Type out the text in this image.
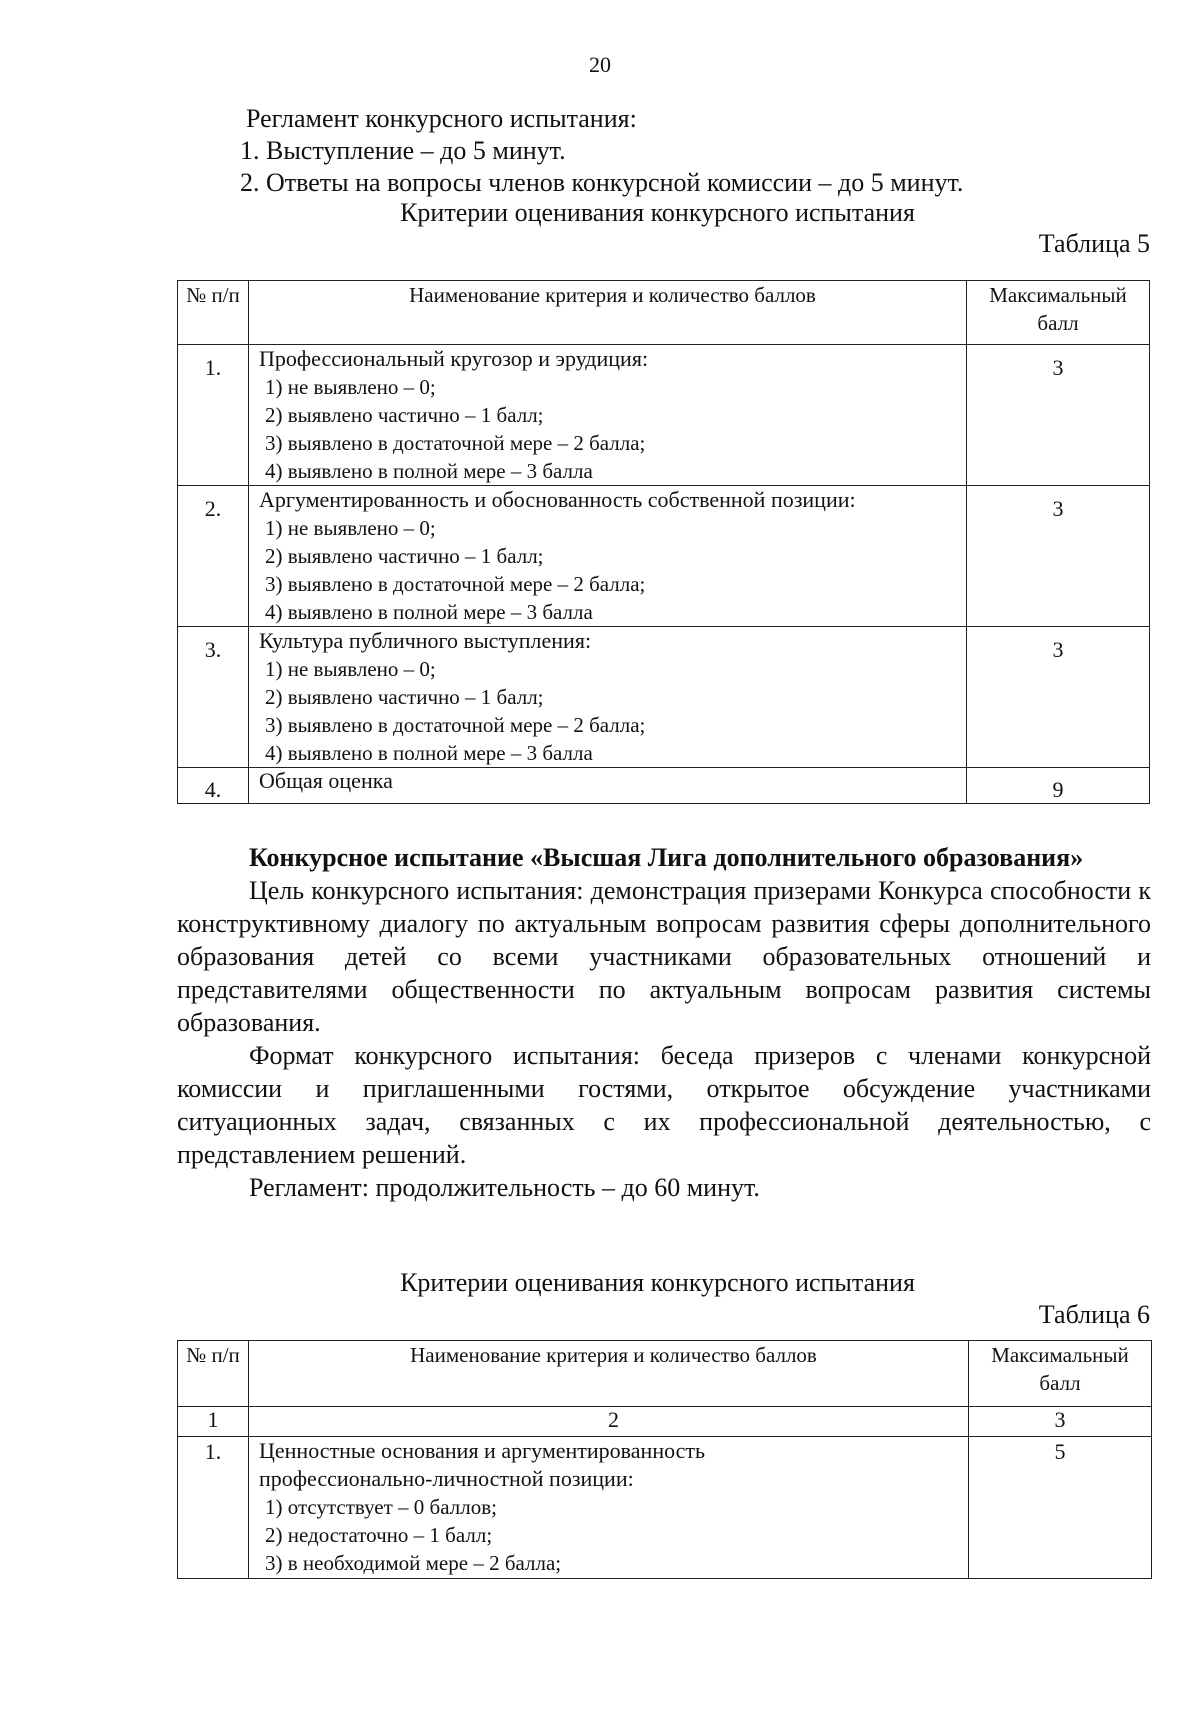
20
Регламент конкурсного испытания:
1. Выступление – до 5 минут.
2. Ответы на вопросы членов конкурсной комиссии – до 5 минут.
Критерии оценивания конкурсного испытания
Таблица 5
№ п/п	Наименование критерия и количество баллов	Максимальный балл
1.	Профессиональный кругозор и эрудиция:
1) не выявлено – 0;
2) выявлено частично – 1 балл;
3) выявлено в достаточной мере – 2 балла;
4) выявлено в полной мере – 3 балла	3
2.	Аргументированность и обоснованность собственной позиции:
1) не выявлено – 0;
2) выявлено частично – 1 балл;
3) выявлено в достаточной мере – 2 балла;
4) выявлено в полной мере – 3 балла	3
3.	Культура публичного выступления:
1) не выявлено – 0;
2) выявлено частично – 1 балл;
3) выявлено в достаточной мере – 2 балла;
4) выявлено в полной мере – 3 балла	3
4.	Общая оценка	9

Конкурсное испытание «Высшая Лига дополнительного образования»

Цель конкурсного испытания: демонстрация призерами Конкурса способности к конструктивному диалогу по актуальным вопросам развития сферы дополнительного образования детей со всеми участниками образовательных отношений и представителями общественности по актуальным вопросам развития системы образования.

Формат конкурсного испытания: беседа призеров с членами конкурсной комиссии и приглашенными гостями, открытое обсуждение участниками ситуационных задач, связанных с их профессиональной деятельностью, с представлением решений.

Регламент: продолжительность – до 60 минут.

Критерии оценивания конкурсного испытания
Таблица 6
№ п/п	Наименование критерия и количество баллов	Максимальный балл
1	2	3
1.	Ценностные основания и аргументированность
профессионально-личностной позиции:
1) отсутствует – 0 баллов;
2) недостаточно – 1 балл;
3) в необходимой мере – 2 балла;	5
